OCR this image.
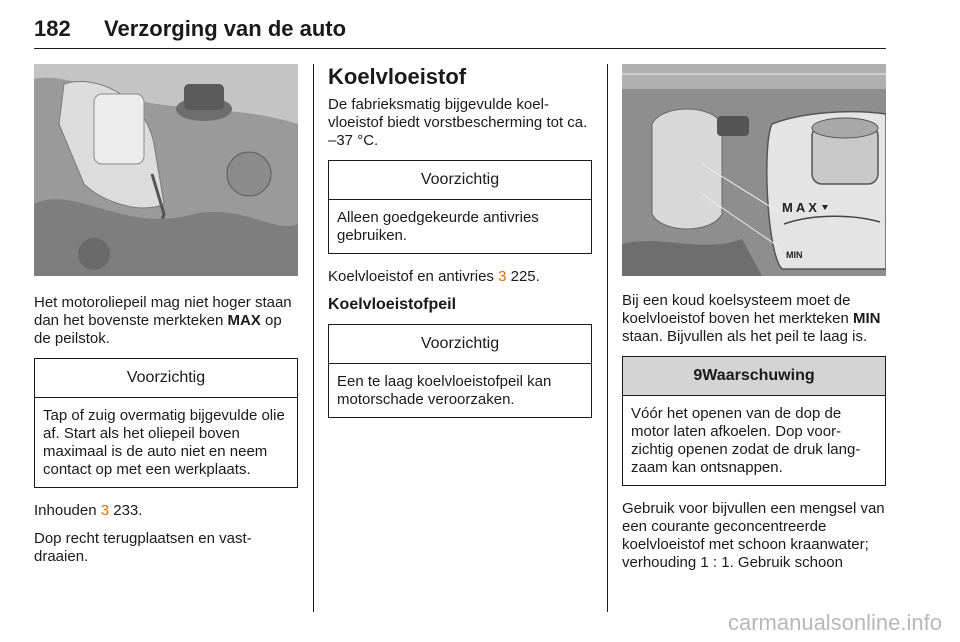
182 Verzorging van de auto

Het motoroliepeil mag niet hoger staan dan het bovenste merkteken MAX op de peilstok.

Voorzichtig
Tap of zuig overmatig bijgevulde olie af. Start als het oliepeil boven maximaal is de auto niet en neem contact op met een werkplaats.

Inhouden 3 233.

Dop recht terugplaatsen en vast-draaien.

Koelvloeistof

De fabrieksmatig bijgevulde koel-vloeistof biedt vorstbescherming tot ca. –37 °C.

Voorzichtig
Alleen goedgekeurde antivries gebruiken.

Koelvloeistof en antivries 3 225.

Koelvloeistofpeil
Voorzichtig
Een te laag koelvloeistofpeil kan motorschade veroorzaken.
MAX
MIN

Bij een koud koelsysteem moet de koelvloeistof boven het merkteken MIN staan. Bijvullen als het peil te laag is.

9Waarschuwing
Vóór het openen van de dop de motor laten afkoelen. Dop voor-zichtig openen zodat de druk lang-zaam kan ontsnappen.

Gebruik voor bijvullen een mengsel van een courante geconcentreerde koelvloeistof met schoon kraanwater; verhouding 1 : 1. Gebruik schoon

carmanualsonline.info
